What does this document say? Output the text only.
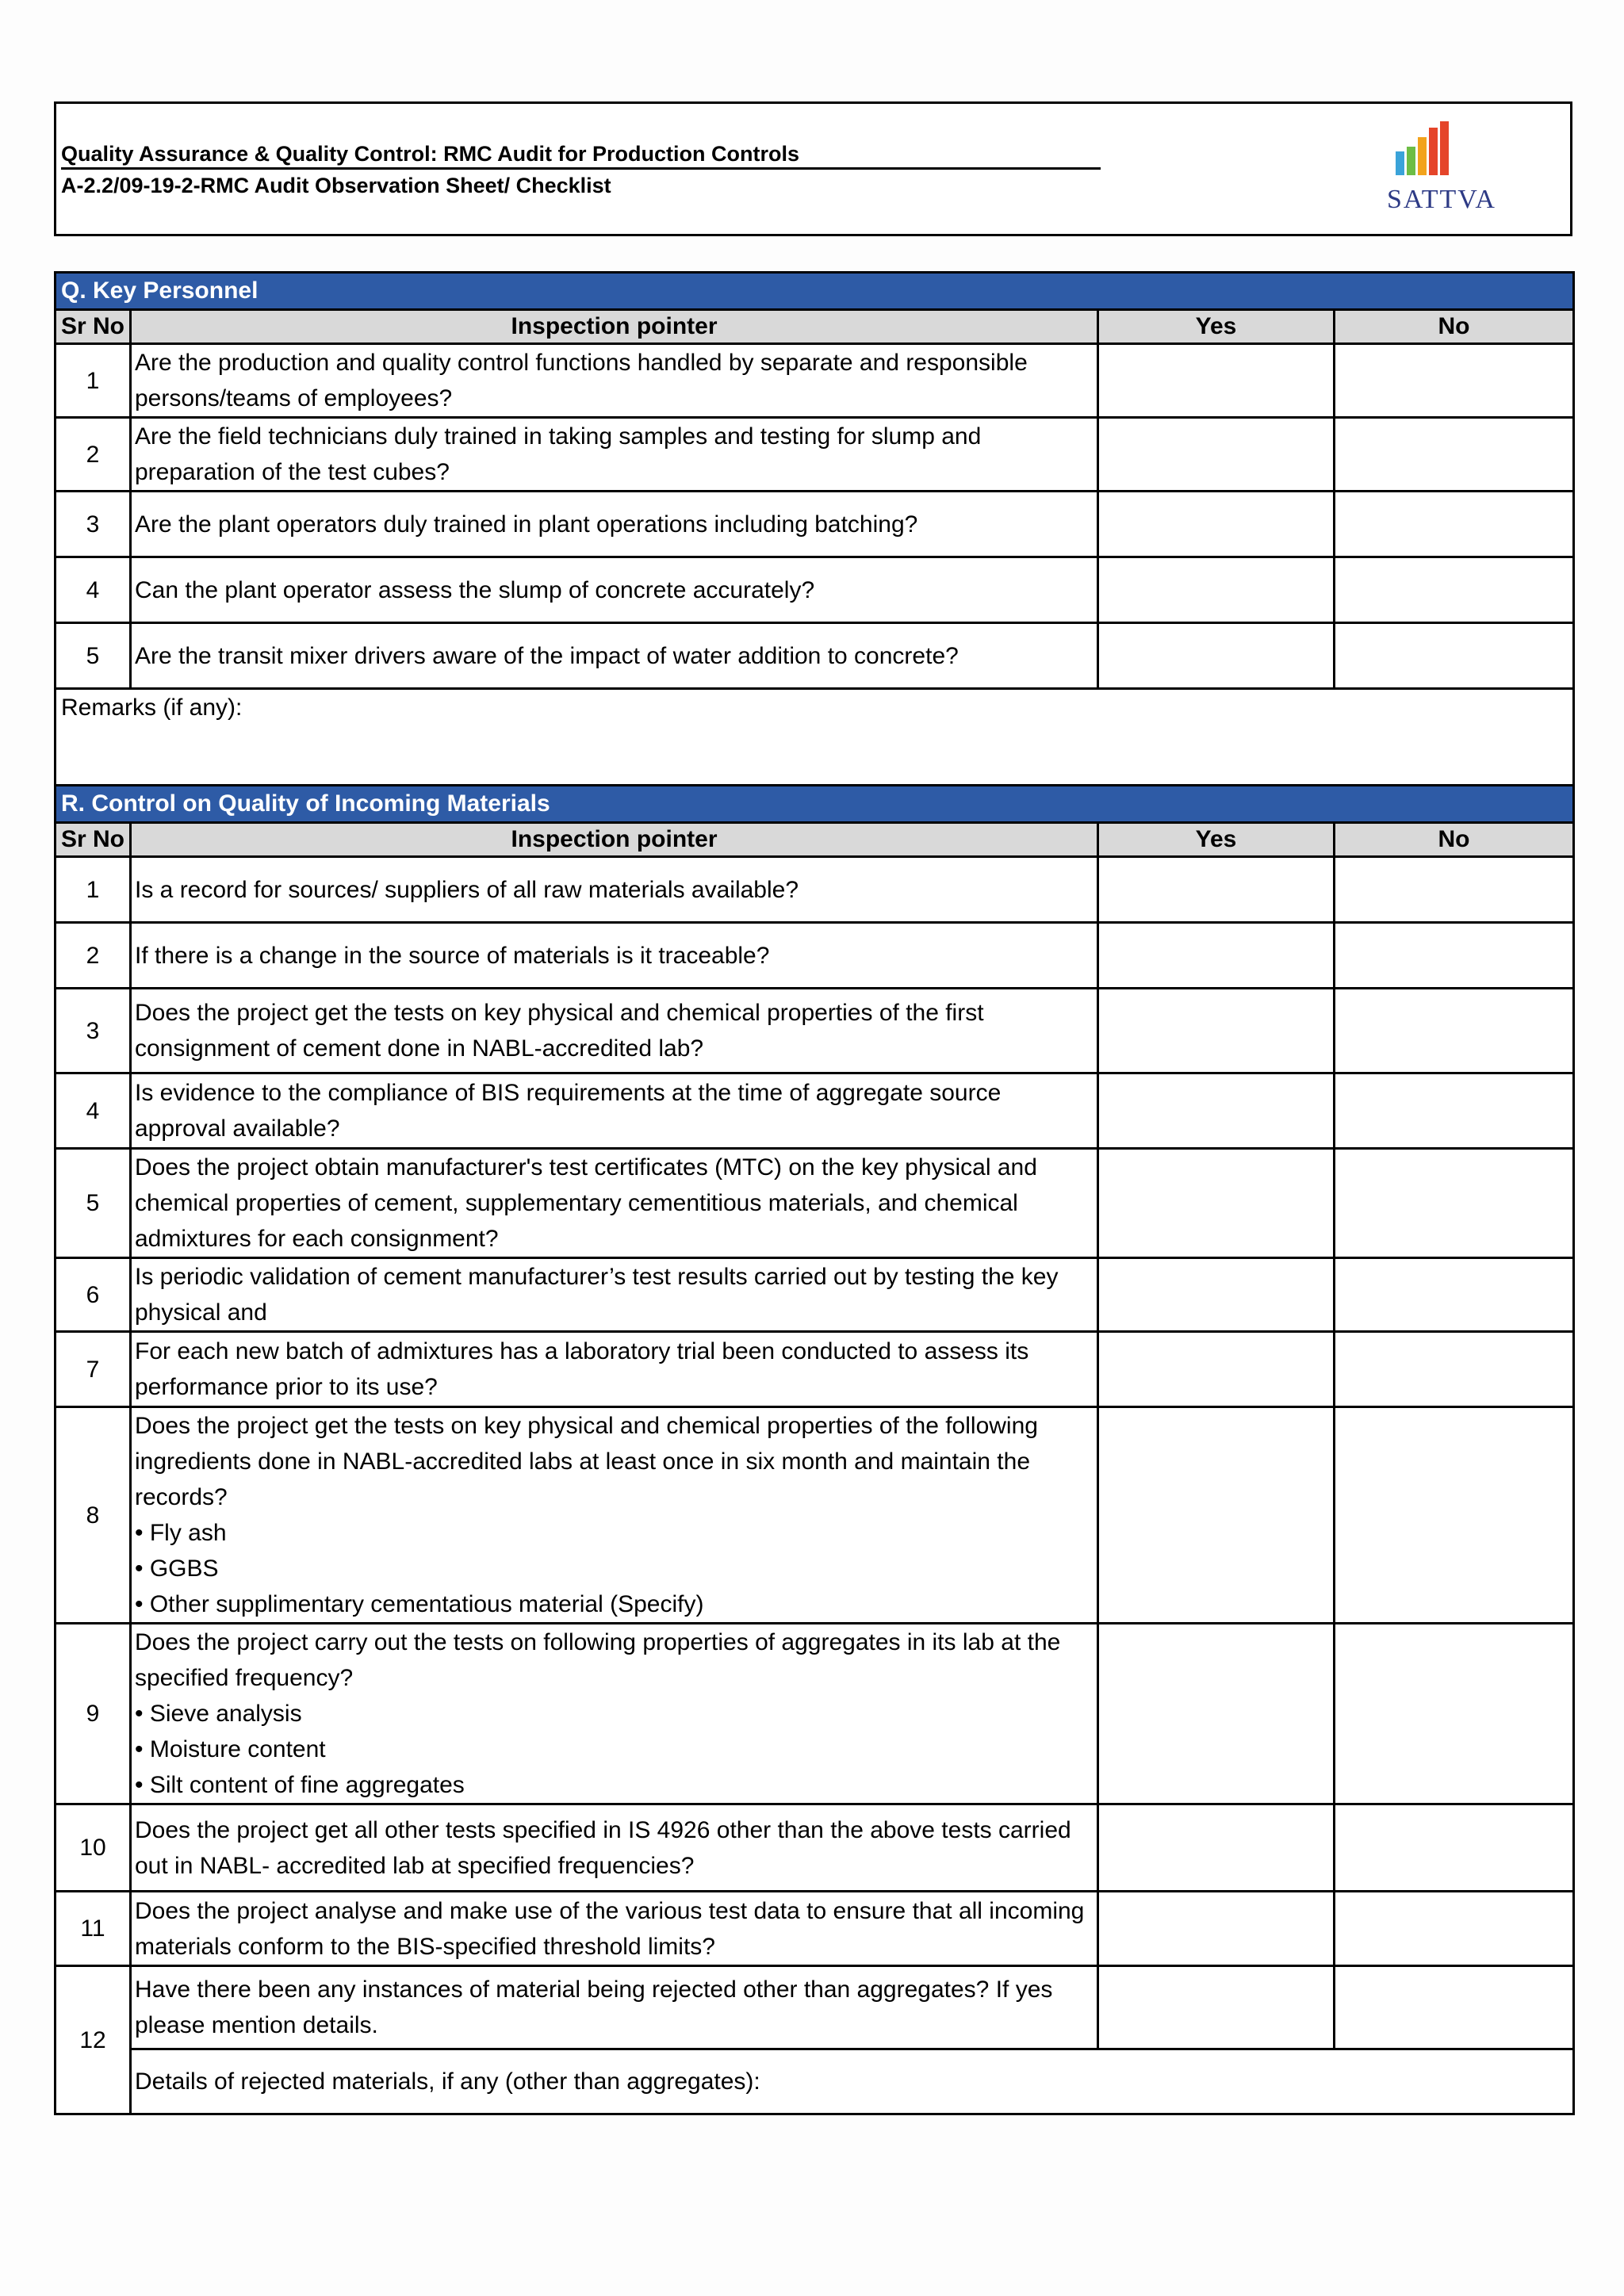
Quality Assurance & Quality Control: RMC Audit for Production Controls
A-2.2/09-19-2-RMC Audit Observation Sheet/ Checklist	SATTVA
Q. Key Personnel			
Sr No	Inspection pointer	Yes	No
1	Are the production and quality control functions handled by separate and responsible persons/teams of employees?		

2	Are the field technicians duly trained in taking samples and testing for slump and preparation of the test cubes?		

3	Are the plant operators duly trained in plant operations including batching?		

4	Can the plant operator assess the slump of concrete accurately?		

5	Are the transit mixer drivers aware of the impact of water addition to concrete?		

Remarks (if any):			
R. Control on Quality of Incoming Materials			
Sr No	Inspection pointer	Yes	No
1	Is a record for sources/ suppliers of all raw materials available?		

2	If there is a change in the source of materials is it traceable?		

3	Does the project get the tests on key physical and chemical properties of the first consignment of cement done in NABL-accredited lab?		

4	Is evidence to the compliance of BIS requirements at the time of aggregate source approval available?		

5	Does the project obtain manufacturer's test certificates (MTC) on the key physical and chemical properties of cement, supplementary cementitious materials, and chemical admixtures for each consignment?		

6	Is periodic validation of cement manufacturer’s test results carried out by testing the key physical and		

7	For each new batch of admixtures has a laboratory trial been conducted to assess its performance prior to its use?		

8	Does the project get the tests on key physical and chemical properties of the following ingredients done in NABL-accredited labs at least once in six month and maintain the records?
• Fly ash
• GGBS
• Other supplimentary cementatious material (Specify)		

9	Does the project carry out the tests on following properties of aggregates in its lab at the specified frequency?
• Sieve analysis
• Moisture content
• Silt content of fine aggregates		

10	Does the project get all other tests specified in IS 4926 other than the above tests carried out in NABL- accredited lab at specified frequencies?		

11	Does the project analyse and make use of the various test data to ensure that all incoming materials conform to the BIS-specified threshold limits?		

12	Have there been any instances of material being rejected other than aggregates? If yes please mention details.		

	Details of rejected materials, if any (other than aggregates):		
